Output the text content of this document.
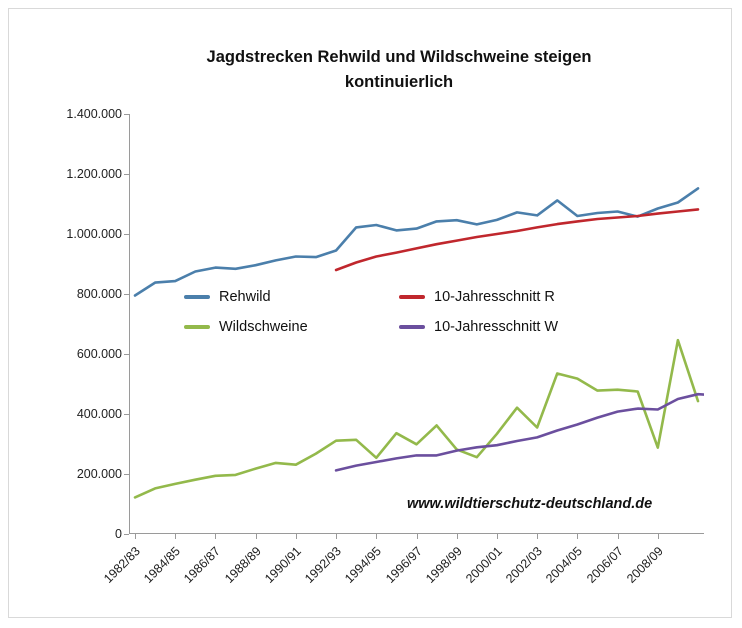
Jagdstrecken Rehwild und Wildschweine steigen
kontinuierlich
0
200.000
400.000
600.000
800.000
1.000.000
1.200.000
1.400.000
1982/83
1984/85
1986/87
1988/89
1990/91
1992/93
1994/95
1996/97
1998/99
2000/01
2002/03
2004/05
2006/07
2008/09
Rehwild	10-Jahresschnitt R
Wildschweine	10-Jahresschnitt W
www.wildtierschutz-deutschland.de
